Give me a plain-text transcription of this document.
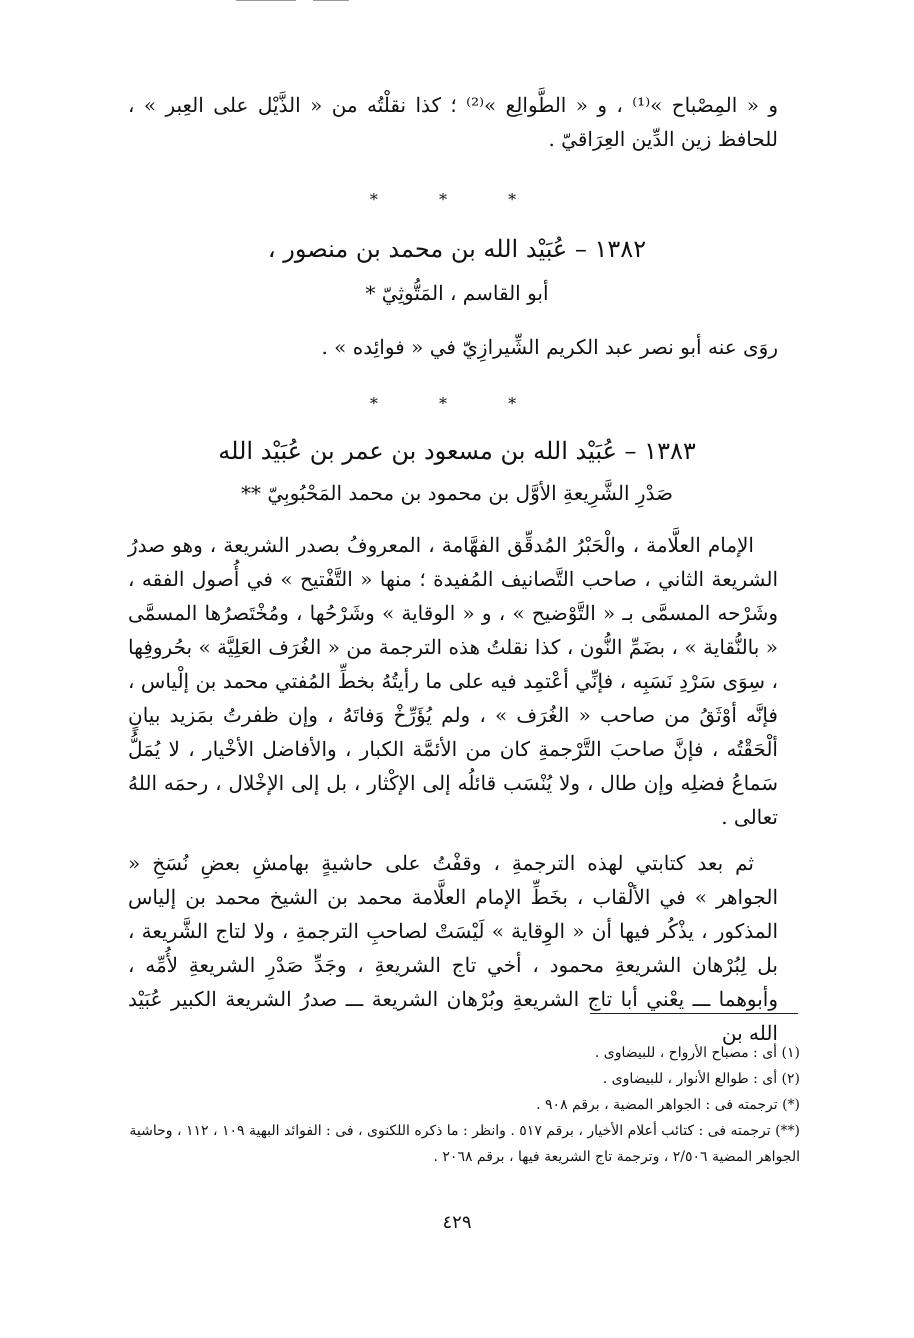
و « المِصْباح »⁽¹⁾ ، و « الطَّوالِع »⁽²⁾ ؛ كذا نقلْتُه من « الذَّيْل على العِبر » ، للحافظ زين الدِّين العِرَاقيّ .

* * *
١٣٨٢ – عُبَيْد الله بن محمد بن منصور ،
أبو القاسم ، المَتُّوثِيّ *

روَى عنه أبو نصر عبد الكريم الشِّيرازِيّ في « فوائِده » .

* * *
١٣٨٣ – عُبَيْد الله بن مسعود بن عمر بن عُبَيْد الله
صَدْرِ الشَّرِيعةِ الأوَّل بن محمود بن محمد المَحْبُوبِيّ **

الإمام العلَّامة ، والْحَبْرُ المُدقِّق الفهَّامة ، المعروفُ بصدر الشريعة ، وهو صدرُ الشريعة الثاني ، صاحب التَّصانيف المُفيدة ؛ منها « التَّفْتيح » في أُصول الفقه ، وشَرْحه المسمَّى بـ « التَّوْضيح » ، و « الوقاية » وشَرْحُها ، ومُخْتَصرُها المسمَّى « بالنُّقاية » ، بضَمِّ النُّون ، كذا نقلتُ هذه الترجمة من « الغُرَف العَلِيَّة » بحُروفِها ، سِوَى سَرْدِ نَسَبِه ، فإنِّي أعْتمِد فيه على ما رأيتُهُ بخطِّ المُفتي محمد بن إلْياس ، فإنَّه أوْثَقُ من صاحب « الغُرَف » ، ولم يُؤَرِّخْ وَفاتَهُ ، وإن ظفرتُ بمَزيد بيانٍ ألْحَقْتُه ، فإنَّ صاحبَ التَّرْجمةِ كان من الأئمَّة الكبار ، والأفاضل الأخْيار ، لا يُمَلُّ سَماعُ فضلِه وإن طال ، ولا يُنْسَب قائلُه إلى الإكْثار ، بل إلى الإخْلال ، رحمَه اللهُ تعالى .

ثم بعد كتابتي لهذه الترجمةِ ، وقفْتُ على حاشيةٍ بهامشِ بعضِ نُسَخِ « الجواهر » في الألْقاب ، بخَطِّ الإمام العلَّامة محمد بن الشيخ محمد بن إلياس المذكور ، يذْكُر فيها أن « الوِقاية » لَيْسَتْ لصاحبِ الترجمةِ ، ولا لتاج الشَّريعة ، بل لِبُرْهان الشريعةِ محمود ، أخي تاج الشريعةِ ، وجَدِّ صَدْرِ الشريعةِ لأُمِّه ، وأبوهما ـــ يعْني أبا تاج الشريعةِ وبُرْهان الشريعة ـــ صدرُ الشريعة الكبير عُبَيْد الله بن

(١) أى : مصباح الأرواح ، للبيضاوى .

(٢) أى : طوالع الأنوار ، للبيضاوى .

(*) ترجمته فى : الجواهر المضية ، برقم ٩٠٨ .

(**) ترجمته فى : كتائب أعلام الأخيار ، برقم ٥١٧ . وانظر : ما ذكره اللكنوى ، فى : الفوائد البهية ١٠٩ ، ١١٢ ، وحاشية الجواهر المضية ٢/٥٠٦ ، وترجمة تاج الشريعة فيها ، برقم ٢٠٦٨ .

٤٢٩
